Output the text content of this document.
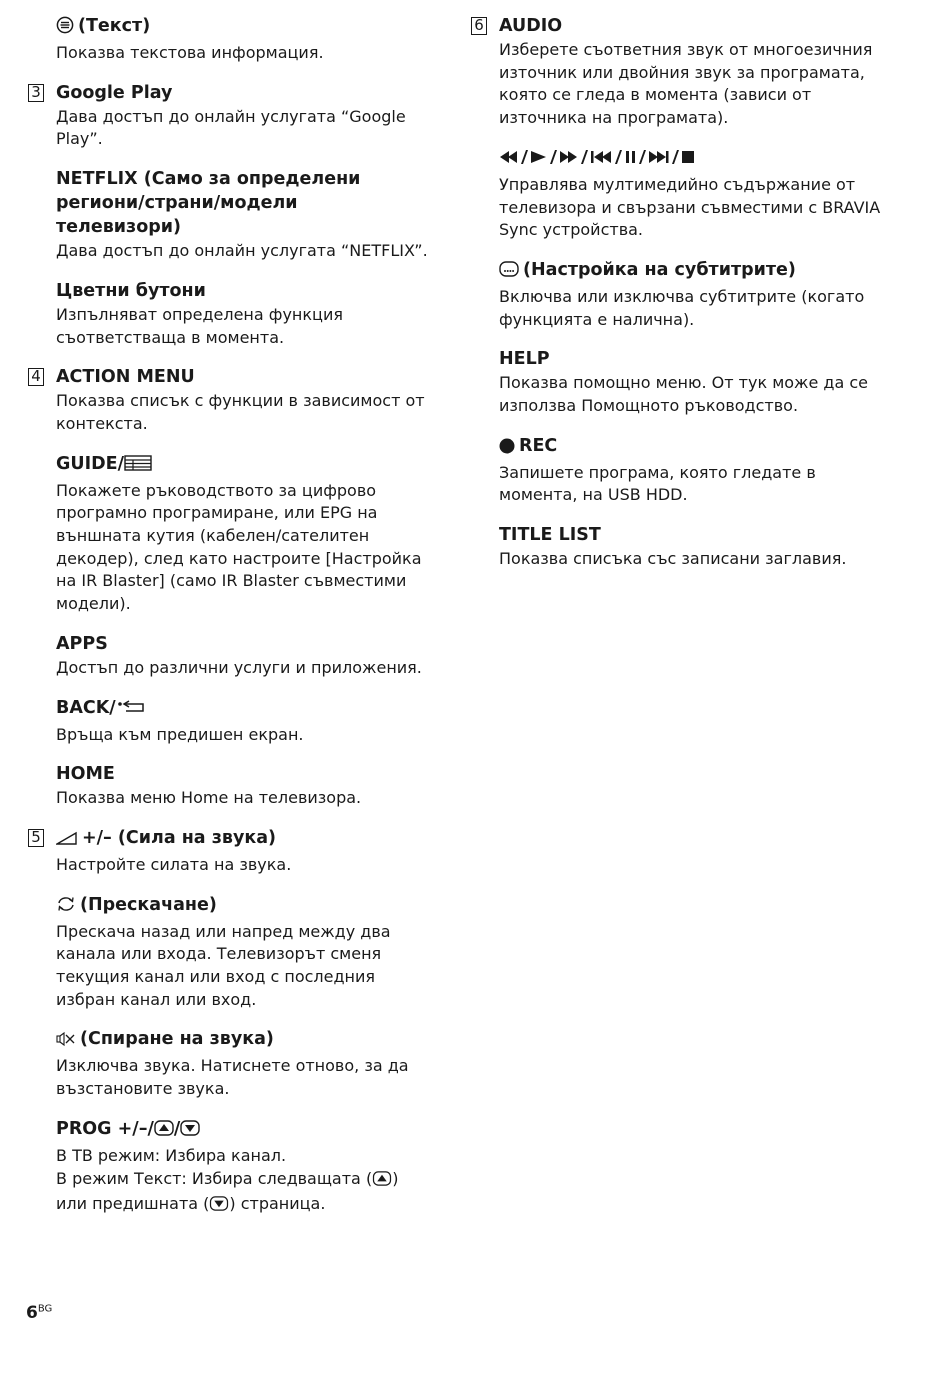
(Текст)

Показва текстова информация.

3 Google Play

Дава достъп до онлайн услугата “Google Play”.

NETFLIX (Само за определени региони/страни/модели телевизори)

Дава достъп до онлайн услугата “NETFLIX”.

Цветни бутони

Изпълняват определена функция съответстваща в момента.

4 ACTION MENU

Показва списък с функции в зависимост от контекста.

GUIDE/

Покажете ръководството за цифрово програмно програмиране, или EPG на външната кутия (кабелен/сателитен декодер), след като настроите [Настройка на IR Blaster] (само IR Blaster съвместими модели).

APPS

Достъп до различни услуги и приложения.

BACK/

Връща към предишен екран.

HOME

Показва меню Home на телевизора.

5	+/– (Сила на звука)

Настройте силата на звука.

(Прескачане)

Прескача назад или напред между два канала или входа. Телевизорът сменя текущия канал или вход с последния избран канал или вход.

(Спиране на звука)

Изключва звука. Натиснете отново, за да възстановите звука.

PROG +/–/ /

В ТВ режим: Избира канал.

В режим Текст: Избира следващата ( )

или предишната ( ) страница.

6 AUDIO

Изберете съответния звук от многоезичния източник или двойния звук за програмата, която се гледа в момента (зависи от източника на програмата).

Управлява мултимедийно съдържание от телевизора и свързани съвместими с BRAVIA Sync устройства.

(Настройка на субтитрите)

Включва или изключва субтитрите (когато функцията е налична).

HELP

Показва помощно меню. От тук може да се използва Помощното ръководство.

REC

Запишете програма, която гледате в момента, на USB HDD.

TITLE LIST

Показва списъка със записани заглавия.

$6^{BG}$
